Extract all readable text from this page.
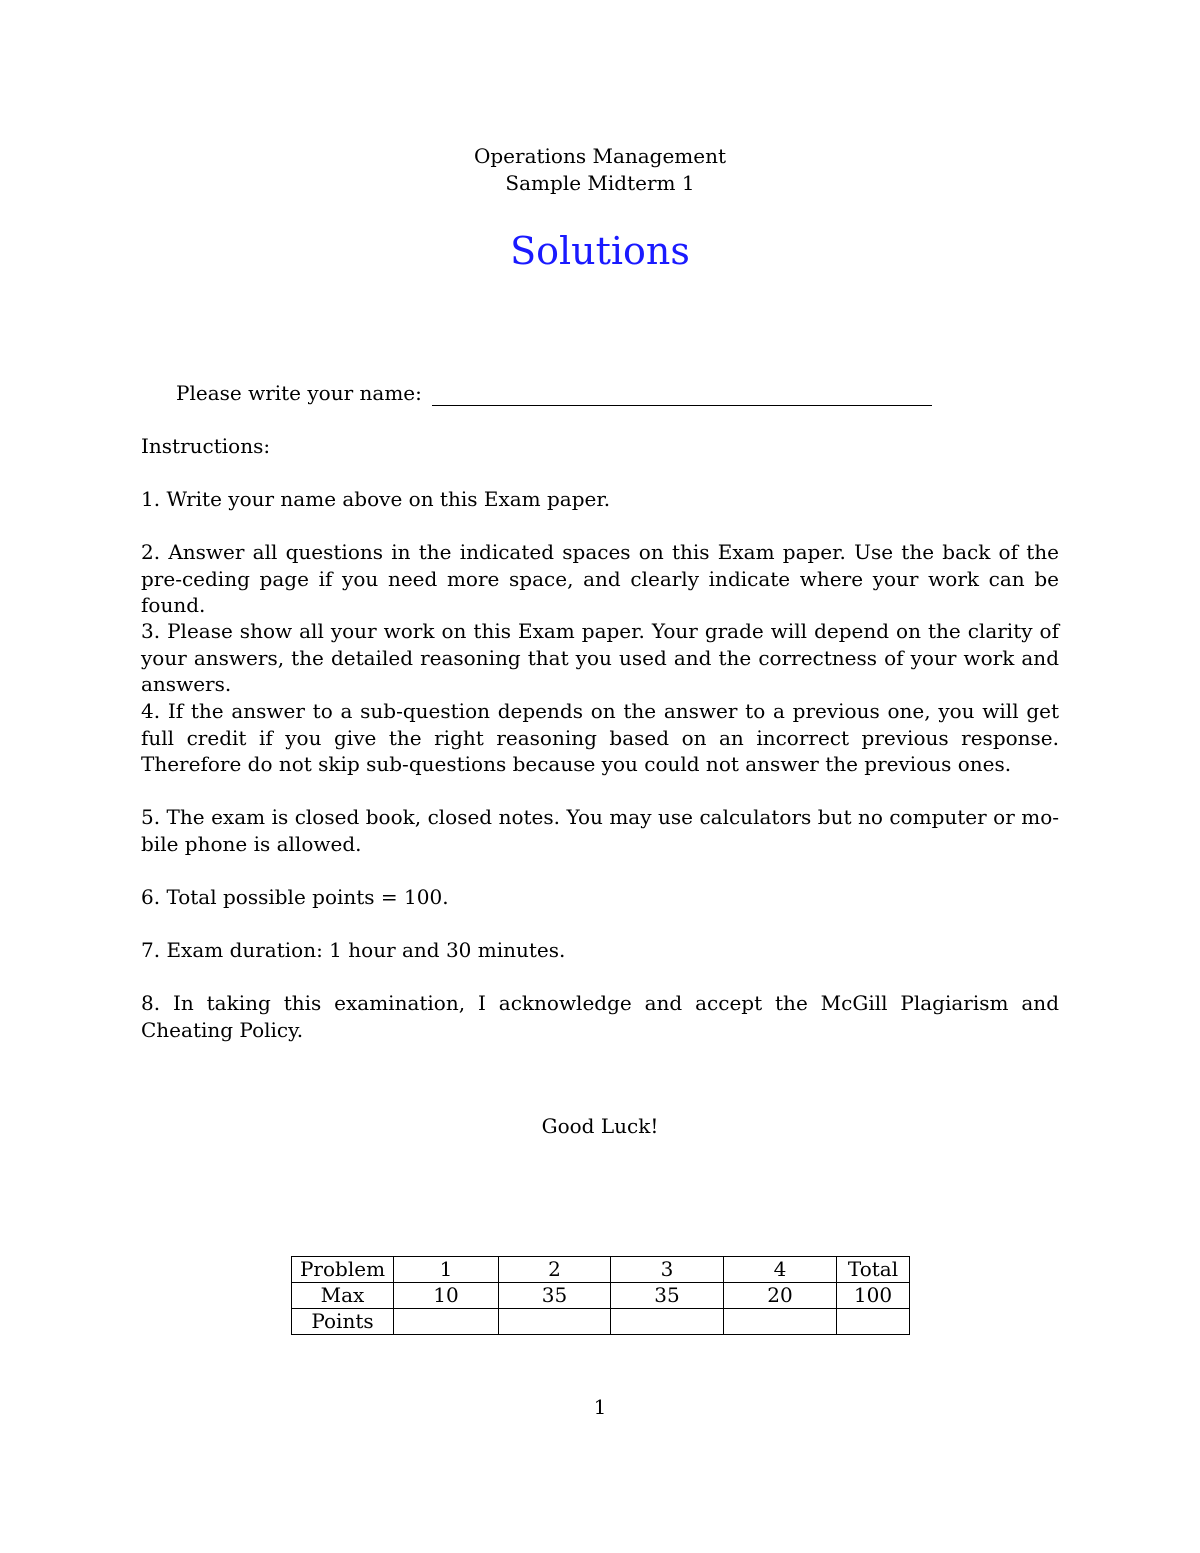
Operations Management
Sample Midterm 1
Solutions
Please write your name:
Instructions:
1. Write your name above on this Exam paper.
2. Answer all questions in the indicated spaces on this Exam paper. Use the back of the pre-ceding page if you need more space, and clearly indicate where your work can be found.
3. Please show all your work on this Exam paper. Your grade will depend on the clarity of your answers, the detailed reasoning that you used and the correctness of your work and answers.
4. If the answer to a sub-question depends on the answer to a previous one, you will get full credit if you give the right reasoning based on an incorrect previous response. Therefore do not skip sub-questions because you could not answer the previous ones.
5. The exam is closed book, closed notes. You may use calculators but no computer or mo-bile phone is allowed.
6. Total possible points = 100.
7. Exam duration: 1 hour and 30 minutes.
8. In taking this examination, I acknowledge and accept the McGill Plagiarism and Cheating Policy.
Good Luck!
Problem	1	2	3	4	Total
Max	10	35	35	20	100
Points					
1
